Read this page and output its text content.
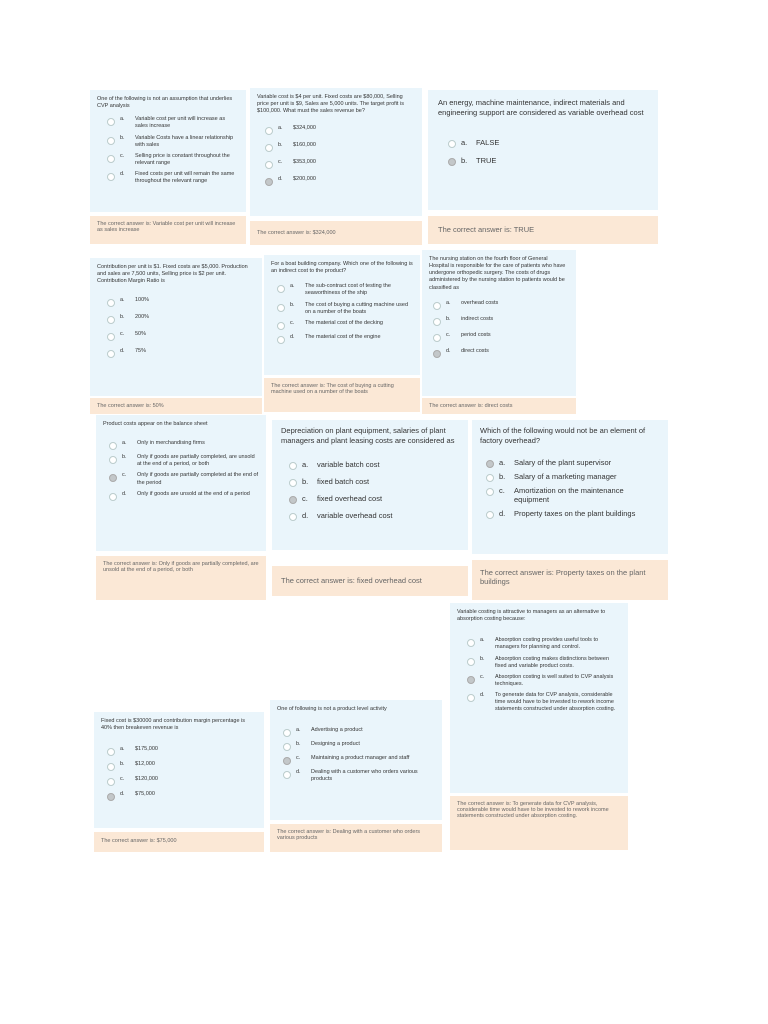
One of the following is not an assumption that underlies CVP analysis
a.	Variable cost per unit will increase as sales increase
b.	Variable Costs have a linear relationship with sales
c.	Selling price is constant throughout the relevant range
d.	Fixed costs per unit will remain the same throughout the relevant range
The correct answer is: Variable cost per unit will increase as sales increase
Variable cost is $4 per unit. Fixed costs are $80,000, Selling price per unit is $9, Sales are 5,000 units. The target profit is $100,000. What must the sales revenue be?
a.	$324,000
b.	$160,000
c.	$353,000
d.	$200,000
The correct answer is: $324,000
An energy, machine maintenance, indirect materials and engineering support are considered as variable overhead cost
a.	FALSE
b.	TRUE
The correct answer is: TRUE
Contribution per unit is $1. Fixed costs are $5,000. Production and sales are 7,500 units, Selling price is $2 per unit. Contribution Margin Ratio is
a.	100%
b.	200%
c.	50%
d.	75%
The correct answer is: 50%
For a boat building company. Which one of the following is an indirect cost to the product?
a.	The sub-contract cost of testing the seaworthiness of the ship
b.	The cost of buying a cutting machine used on a number of the boats
c.	The material cost of the decking
d.	The material cost of the engine
The correct answer is: The cost of buying a cutting machine used on a number of the boats
The nursing station on the fourth floor of General Hospital is responsible for the care of patients who have undergone orthopedic surgery. The costs of drugs administered by the nursing station to patients would be classified as
a.	overhead costs
b.	indirect costs
c.	period costs
d.	direct costs
The correct answer is: direct costs
Product costs appear on the balance sheet
a.	Only in merchandising firms
b.	Only if goods are partially completed, are unsold at the end of a period, or both
c.	Only if goods are partially completed at the end of the period
d.	Only if goods are unsold at the end of a period
The correct answer is: Only if goods are partially completed, are unsold at the end of a period, or both
Depreciation on plant equipment, salaries of plant managers and plant leasing costs are considered as
a.	variable batch cost
b.	fixed batch cost
c.	fixed overhead cost
d.	variable overhead cost
The correct answer is: fixed overhead cost
Which of the following would not be an element of factory overhead?
a.	Salary of the plant supervisor
b.	Salary of a marketing manager
c.	Amortization on the maintenance equipment
d.	Property taxes on the plant buildings
The correct answer is: Property taxes on the plant buildings
Variable costing is attractive to managers as an alternative to absorption costing because:
a.	Absorption costing provides useful tools to managers for planning and control.
b.	Absorption costing makes distinctions between fixed and variable product costs.
c.	Absorption costing is well suited to CVP analysis techniques.
d.	To generate data for CVP analysis, considerable time would have to be invested to rework income statements constructed under absorption costing.
The correct answer is: To generate data for CVP analysis, considerable time would have to be invested to rework income statements constructed under absorption costing.
Fixed cost is $30000 and contribution margin percentage is 40% then breakeven revenue is
a.	$175,000
b.	$12,000
c.	$120,000
d.	$75,000
The correct answer is: $75,000
One of following is not a product level activity
a.	Advertising a product
b.	Designing a product
c.	Maintaining a product manager and staff
d.	Dealing with a customer who orders various products
The correct answer is: Dealing with a customer who orders various products
